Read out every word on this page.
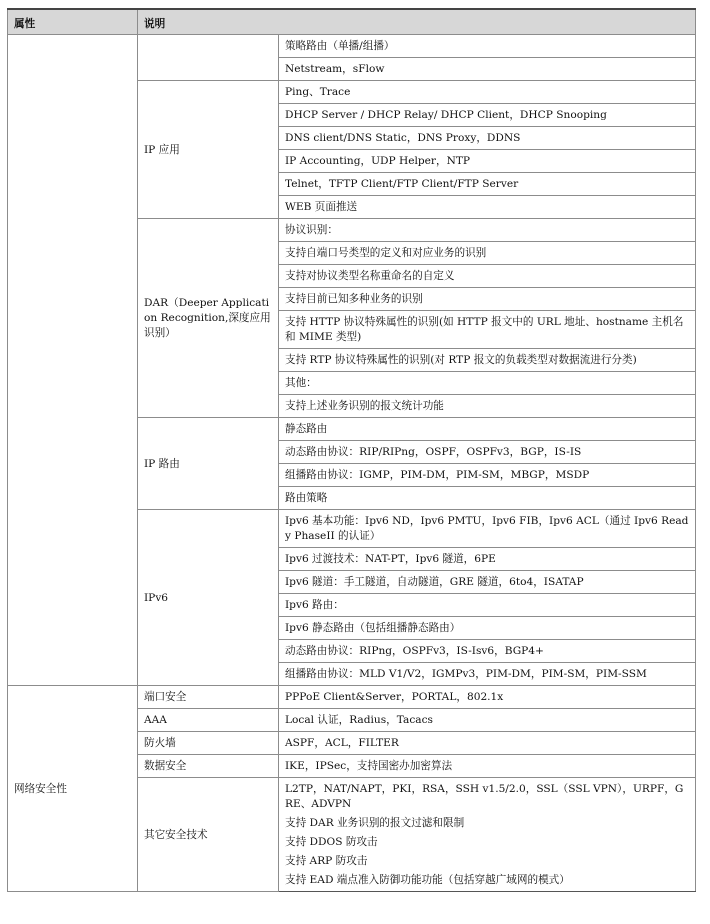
属性	说明	
		策略路由（单播/组播）
		Netstream，sFlow
	IP 应用	Ping、Trace
		DHCP Server / DHCP Relay/ DHCP Client，DHCP Snooping
		DNS client/DNS Static，DNS Proxy，DDNS
		IP Accounting，UDP Helper，NTP
		Telnet，TFTP Client/FTP Client/FTP Server
		WEB 页面推送
	DAR（Deeper Application Recognition,深度应用识别）	协议识别：
		支持自端口号类型的定义和对应业务的识别
		支持对协议类型名称重命名的自定义
		支持目前已知多种业务的识别
		支持 HTTP 协议特殊属性的识别(如 HTTP 报文中的 URL 地址、hostname 主机名和 MIME 类型)
		支持 RTP 协议特殊属性的识别(对 RTP 报文的负载类型对数据流进行分类)
		其他：
		支持上述业务识别的报文统计功能
	IP 路由	静态路由
		动态路由协议：RIP/RIPng，OSPF，OSPFv3，BGP，IS-IS
		组播路由协议：IGMP，PIM-DM，PIM-SM，MBGP，MSDP
		路由策略
	IPv6	Ipv6 基本功能：Ipv6 ND，Ipv6 PMTU，Ipv6 FIB，Ipv6 ACL（通过 Ipv6 Ready PhaseII 的认证）
		Ipv6 过渡技术：NAT-PT，Ipv6 隧道，6PE
		Ipv6 隧道：手工隧道，自动隧道，GRE 隧道，6to4，ISATAP
		Ipv6 路由：
		Ipv6 静态路由（包括组播静态路由）
		动态路由协议：RIPng，OSPFv3，IS-Isv6，BGP4+
		组播路由协议：MLD V1/V2，IGMPv3，PIM-DM，PIM-SM，PIM-SSM
网络安全性	端口安全	PPPoE Client&Server，PORTAL，802.1x
	AAA	Local 认证，Radius，Tacacs
	防火墙	ASPF，ACL，FILTER
	数据安全	IKE，IPSec，支持国密办加密算法
	其它安全技术	L2TP，NAT/NAPT，PKI，RSA，SSH v1.5/2.0，SSL（SSL VPN），URPF，GRE、ADVPN
		支持 DAR 业务识别的报文过滤和限制
		支持 DDOS 防攻击
		支持 ARP 防攻击
		支持 EAD 端点准入防御功能功能（包括穿越广域网的模式）
